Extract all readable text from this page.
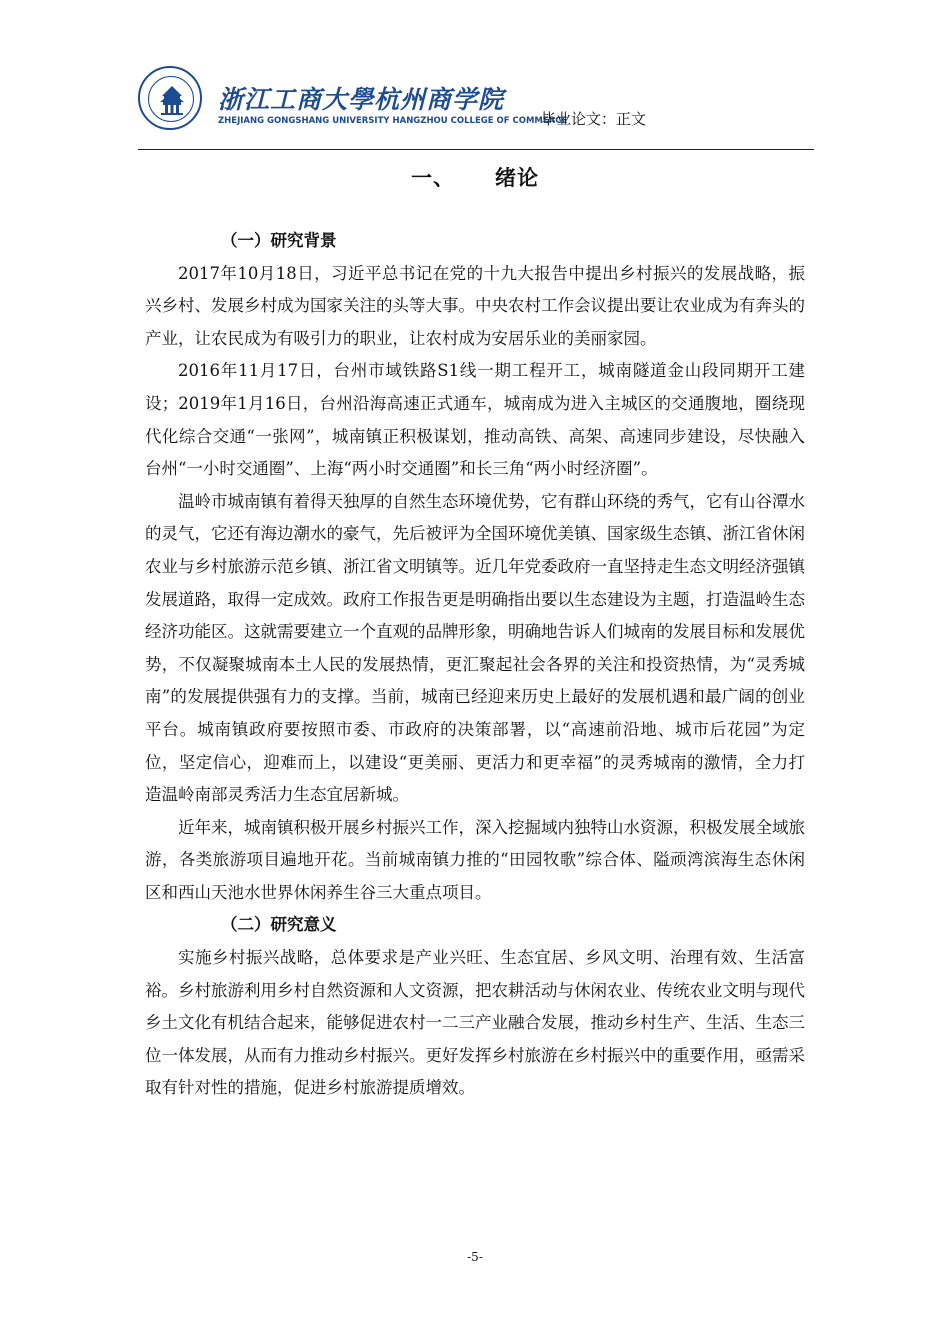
浙江工商大學杭州商学院
ZHEJIANG GONGSHANG UNIVERSITY HANGZHOU COLLEGE OF COMMERCE
毕业论文：正文
一、 绪论
（一）研究背景

2017年10月18日，习近平总书记在党的十九大报告中提出乡村振兴的发展战略，振兴乡村、发展乡村成为国家关注的头等大事。中央农村工作会议提出要让农业成为有奔头的产业，让农民成为有吸引力的职业，让农村成为安居乐业的美丽家园。

2016年11月17日，台州市域铁路S1线一期工程开工，城南隧道金山段同期开工建设；2019年1月16日，台州沿海高速正式通车，城南成为进入主城区的交通腹地，圈绕现代化综合交通“一张网”，城南镇正积极谋划，推动高铁、高架、高速同步建设，尽快融入台州“一小时交通圈”、上海“两小时交通圈”和长三角“两小时经济圈”。

温岭市城南镇有着得天独厚的自然生态环境优势，它有群山环绕的秀气，它有山谷潭水的灵气，它还有海边潮水的豪气，先后被评为全国环境优美镇、国家级生态镇、浙江省休闲农业与乡村旅游示范乡镇、浙江省文明镇等。近几年党委政府一直坚持走生态文明经济强镇发展道路，取得一定成效。政府工作报告更是明确指出要以生态建设为主题，打造温岭生态经济功能区。这就需要建立一个直观的品牌形象，明确地告诉人们城南的发展目标和发展优势，不仅凝聚城南本土人民的发展热情，更汇聚起社会各界的关注和投资热情，为“灵秀城南”的发展提供强有力的支撑。当前，城南已经迎来历史上最好的发展机遇和最广阔的创业平台。城南镇政府要按照市委、市政府的决策部署，以“高速前沿地、城市后花园”为定位，坚定信心，迎难而上，以建设“更美丽、更活力和更幸福”的灵秀城南的激情，全力打造温岭南部灵秀活力生态宜居新城。

近年来，城南镇积极开展乡村振兴工作，深入挖掘域内独特山水资源，积极发展全域旅游，各类旅游项目遍地开花。当前城南镇力推的“田园牧歌”综合体、隘顽湾滨海生态休闲区和西山天池水世界休闲养生谷三大重点项目。

（二）研究意义

实施乡村振兴战略，总体要求是产业兴旺、生态宜居、乡风文明、治理有效、生活富裕。乡村旅游利用乡村自然资源和人文资源，把农耕活动与休闲农业、传统农业文明与现代乡土文化有机结合起来，能够促进农村一二三产业融合发展，推动乡村生产、生活、生态三位一体发展，从而有力推动乡村振兴。更好发挥乡村旅游在乡村振兴中的重要作用，亟需采取有针对性的措施，促进乡村旅游提质增效。

-5-
